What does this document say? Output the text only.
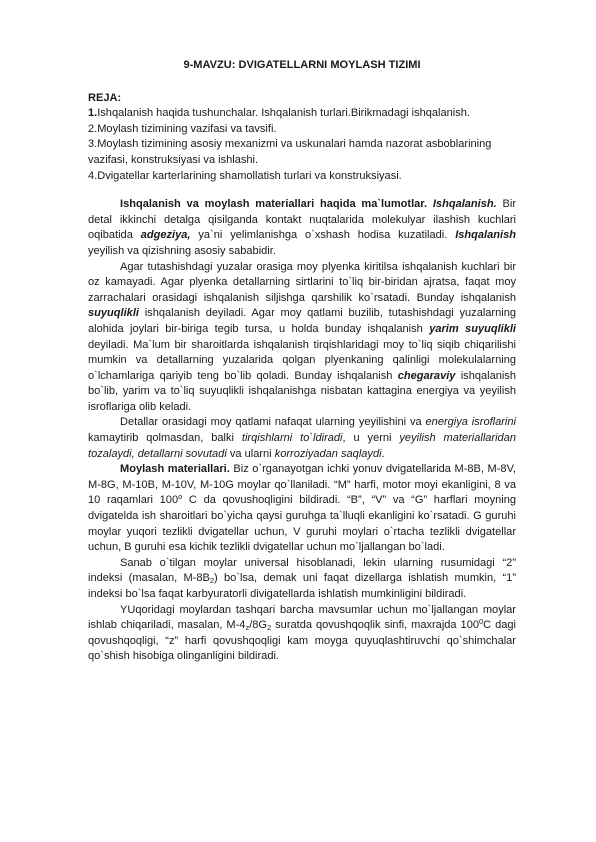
9-MAVZU: DVIGATELLARNI MOYLASH TIZIMI
REJA:
1.Ishqalanish haqida tushunchalar. Ishqalanish turlari.Birikmadagi ishqalanish.
2.Moylash tizimining vazifasi va tavsifi.
3.Moylash tizimining asosiy mexanizmi va uskunalari hamda nazorat asboblarining vazifasi, konstruksiyasi va ishlashi.
4.Dvigatellar karterlarining shamollatish turlari va konstruksiyasi.

Ishqalanish va moylash materiallari haqida ma`lumotlar. Ishqalanish. Bir detal ikkinchi detalga qisilganda kontakt nuqtalarida molekulyar ilashish kuchlari oqibatida adgeziya, ya`ni yelimlanishga o`xshash hodisa kuzatiladi. Ishqalanish yeyilish va qizishning asosiy sababidir.

Agar tutashishdagi yuzalar orasiga moy plyenka kiritilsa ishqalanish kuchlari bir oz kamayadi. Agar plyenka detallarning sirtlarini to`liq bir-biridan ajratsa, faqat moy zarrachalari orasidagi ishqalanish siljishga qarshilik ko`rsatadi. Bunday ishqalanish suyuqlikli ishqalanish deyiladi. Agar moy qatlami buzilib, tutashishdagi yuzalarning alohida joylari bir-biriga tegib tursa, u holda bunday ishqalanish yarim suyuqlikli deyiladi. Ma`lum bir sharoitlarda ishqalanish tirqishlaridagi moy to`liq siqib chiqarilishi mumkin va detallarning yuzalarida qolgan plyenkaning qalinligi molekulalarning o`lchamlariga qariyib teng bo`lib qoladi. Bunday ishqalanish chegaraviy ishqalanish bo`lib, yarim va to`liq suyuqlikli ishqalanishga nisbatan kattagina energiya va yeyilish isroflariga olib keladi.

Detallar orasidagi moy qatlami nafaqat ularning yeyilishini va energiya isroflarini kamaytirib qolmasdan, balki tirqishlarni to`ldiradi, u yerni yeyilish materiallaridan tozalaydi, detallarni sovutadi va ularni korroziyadan saqlaydi.

Moylash materiallari. Biz o`rganayotgan ichki yonuv dvigatellarida M-8B, M-8V, M-8G, M-10B, M-10V, M-10G moylar qo`llaniladi. “M” harfi, motor moyi ekanligini, 8 va 10 raqamlari 100$^o$ C da qovushoqligini bildiradi. “B”, “V” va “G” harflari moyning dvigatelda ish sharoitlari bo`yicha qaysi guruhga ta`lluqli ekanligini ko`rsatadi. G guruhi moylar yuqori tezlikli dvigatellar uchun, V guruhi moylari o`rtacha tezlikli dvigatellar uchun, B guruhi esa kichik tezlikli dvigatellar uchun mo`ljallangan bo`ladi.

Sanab o`tilgan moylar universal hisoblanadi, lekin ularning rusumidagi “2” indeksi (masalan, $M-8B_2$) bo`lsa, demak uni faqat dizellarga ishlatish mumkin, “1” indeksi bo`lsa faqat karbyuratorli divigatellarda ishlatish mumkinligini bildiradi.

YUqoridagi moylardan tashqari barcha mavsumlar uchun mo`ljallangan moylar ishlab chiqariladi, masalan, $M-4_z/8G_2$ suratda qovushqoqlik sinfi, maxrajda $100^0C$ dagi qovushqoqligi, “z” harfi qovushqoqligi kam moyga quyuqlashtiruvchi qo`shimchalar qo`shish hisobiga olinganligini bildiradi.
